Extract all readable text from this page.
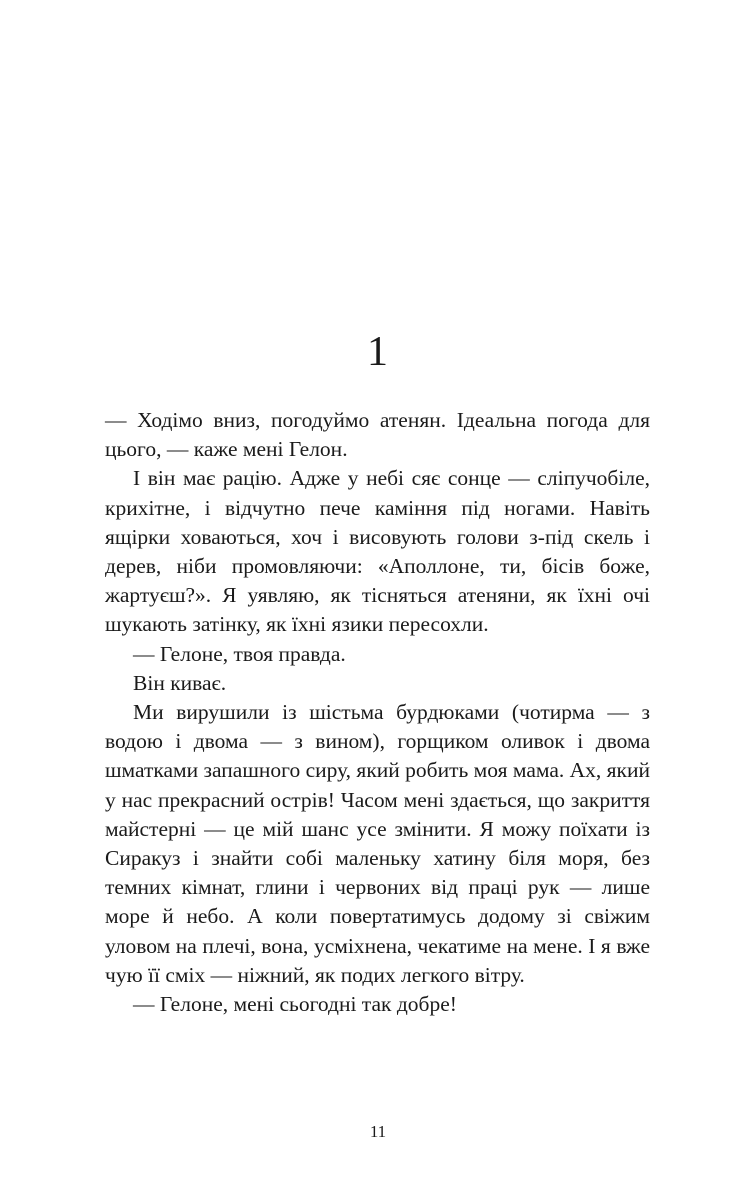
1

— Ходімо вниз, погодуймо атенян. Ідеальна погода для цього, — каже мені Гелон.

І він має рацію. Адже у небі сяє сонце — сліпучобіле, крихітне, і відчутно пече каміння під ногами. Навіть ящірки ховаються, хоч і висовують голови з-під скель і дерев, ніби промовляючи: «Аполлоне, ти, бісів боже, жартуєш?». Я уявляю, як тісняться атеняни, як їхні очі шукають затінку, як їхні язики пересохли.

— Гелоне, твоя правда.

Він киває.

Ми вирушили із шістьма бурдюками (чотирма — з водою і двома — з вином), горщиком оливок і двома шматками запашного сиру, який робить моя мама. Ах, який у нас прекрасний острів! Часом мені здається, що закриття майстерні — це мій шанс усе змінити. Я можу поїхати із Сиракуз і знайти собі маленьку хатину біля моря, без темних кімнат, глини і червоних від праці рук — лише море й небо. А коли повертатимусь додому зі свіжим уловом на плечі, вона, усміхнена, чекатиме на мене. І я вже чую її сміх — ніжний, як подих легкого вітру.

— Гелоне, мені сьогодні так добре!

11
